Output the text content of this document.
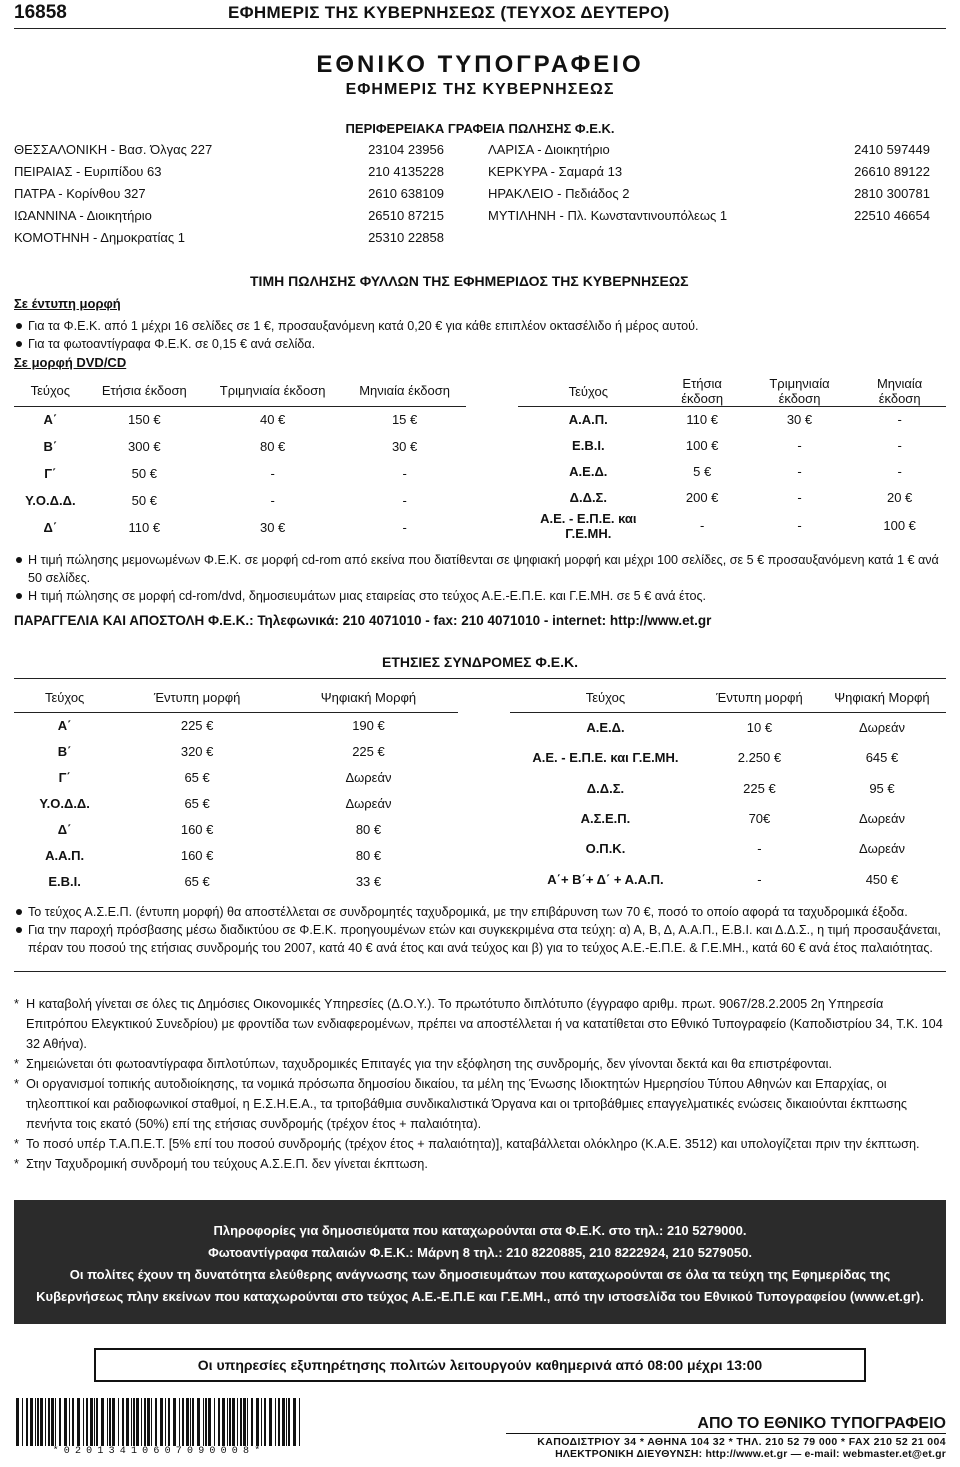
16858	ΕΦΗΜΕΡΙΣ ΤΗΣ ΚΥΒΕΡΝΗΣΕΩΣ (ΤΕΥΧΟΣ ΔΕΥΤΕΡΟ)
ΕΘΝΙΚΟ ΤΥΠΟΓΡΑΦΕΙΟ
ΕΦΗΜΕΡΙΣ ΤΗΣ ΚΥΒΕΡΝΗΣΕΩΣ
ΠΕΡΙΦΕΡΕΙΑΚΑ ΓΡΑΦΕΙΑ ΠΩΛΗΣΗΣ Φ.Ε.Κ.
ΘΕΣΣΑΛΟΝΙΚΗ - Βασ. Όλγας 227	23104 23956
ΠΕΙΡΑΙΑΣ - Ευριπίδου 63	210 4135228
ΠΑΤΡΑ - Κορίνθου 327	2610 638109
ΙΩΑΝΝΙΝΑ - Διοικητήριο	26510 87215
ΚΟΜΟΤΗΝΗ - Δημοκρατίας 1	25310 22858
ΛΑΡΙΣΑ - Διοικητήριο	2410 597449
ΚΕΡΚΥΡΑ - Σαμαρά 13	26610 89122
ΗΡΑΚΛΕΙΟ - Πεδιάδος 2	2810 300781
ΜΥΤΙΛΗΝΗ - Πλ. Κωνσταντινουπόλεως 1	22510 46654
ΤΙΜΗ ΠΩΛΗΣΗΣ ΦΥΛΛΩΝ ΤΗΣ ΕΦΗΜΕΡΙΔΟΣ ΤΗΣ ΚΥΒΕΡΝΗΣΕΩΣ
Σε έντυπη μορφή
Για τα Φ.Ε.Κ. από 1 μέχρι 16 σελίδες σε 1 €, προσαυξανόμενη κατά 0,20 € για κάθε επιπλέον οκτασέλιδο ή μέρος αυτού.
Για τα φωτοαντίγραφα Φ.Ε.Κ. σε 0,15 € ανά σελίδα.
Σε μορφή DVD/CD
Τεύχος	Ετήσια έκδοση	Τριμηνιαία έκδοση	Μηνιαία έκδοση
Α΄	150 €	40 €	15 €
Β΄	300 €	80 €	30 €
Γ΄	50 €	-	-
Υ.Ο.Δ.Δ.	50 €	-	-
Δ΄	110 €	30 €	-
Τεύχος	Ετήσια έκδοση	Τριμηνιαία έκδοση	Μηνιαία έκδοση
Α.Α.Π.	110 €	30 €	-
Ε.Β.Ι.	100 €	-	-
Α.Ε.Δ.	5 €	-	-
Δ.Δ.Σ.	200 €	-	20 €
Α.Ε. - Ε.Π.Ε. και Γ.Ε.ΜΗ.	-	-	100 €
Η τιμή πώλησης μεμονωμένων Φ.Ε.Κ. σε μορφή cd-rom από εκείνα που διατίθενται σε ψηφιακή μορφή και μέχρι 100 σελίδες, σε 5 € προσαυξανόμενη κατά 1 € ανά 50 σελίδες.
Η τιμή πώλησης σε μορφή cd-rom/dvd, δημοσιευμάτων μιας εταιρείας στο τεύχος Α.Ε.-Ε.Π.Ε. και Γ.Ε.ΜΗ. σε 5 € ανά έτος.
ΠΑΡΑΓΓΕΛΙΑ ΚΑΙ ΑΠΟΣΤΟΛΗ Φ.Ε.Κ.: Τηλεφωνικά: 210 4071010 - fax: 210 4071010 - internet: http://www.et.gr
ΕΤΗΣΙΕΣ ΣΥΝΔΡΟΜΕΣ Φ.Ε.Κ.
Τεύχος	Έντυπη μορφή	Ψηφιακή Μορφή
Α΄	225 €	190 €
Β΄	320 €	225 €
Γ΄	65 €	Δωρεάν
Υ.Ο.Δ.Δ.	65 €	Δωρεάν
Δ΄	160 €	80 €
Α.Α.Π.	160 €	80 €
Ε.Β.Ι.	65 €	33 €
Τεύχος	Έντυπη μορφή	Ψηφιακή Μορφή
Α.Ε.Δ.	10 €	Δωρεάν
Α.Ε. - Ε.Π.Ε. και Γ.Ε.ΜΗ.	2.250 €	645 €
Δ.Δ.Σ.	225 €	95 €
Α.Σ.Ε.Π.	70€	Δωρεάν
Ο.Π.Κ.	-	Δωρεάν
Α΄+ Β΄+ Δ΄ + Α.Α.Π.	-	450 €
Το τεύχος Α.Σ.Ε.Π. (έντυπη μορφή) θα αποστέλλεται σε συνδρομητές ταχυδρομικά, με την επιβάρυνση των 70 €, ποσό το οποίο αφορά τα ταχυδρομικά έξοδα.
Για την παροχή πρόσβασης μέσω διαδικτύου σε Φ.Ε.Κ. προηγουμένων ετών και συγκεκριμένα στα τεύχη: α) Α, Β, Δ, Α.Α.Π., Ε.Β.Ι. και Δ.Δ.Σ., η τιμή προσαυξάνεται, πέραν του ποσού της ετήσιας συνδρομής του 2007, κατά 40 € ανά έτος και ανά τεύχος και β) για το τεύχος Α.Ε.-Ε.Π.Ε. & Γ.Ε.ΜΗ., κατά 60 € ανά έτος παλαιότητας.
* Η καταβολή γίνεται σε όλες τις Δημόσιες Οικονομικές Υπηρεσίες (Δ.Ο.Υ.). Το πρωτότυπο διπλότυπο (έγγραφο αριθμ. πρωτ. 9067/28.2.2005 2η Υπηρεσία Επιτρόπου Ελεγκτικού Συνεδρίου) με φροντίδα των ενδιαφερομένων, πρέπει να αποστέλλεται ή να κατατίθεται στο Εθνικό Τυπογραφείο (Καποδιστρίου 34, Τ.Κ. 104 32 Αθήνα).
* Σημειώνεται ότι φωτοαντίγραφα διπλοτύπων, ταχυδρομικές Επιταγές για την εξόφληση της συνδρομής, δεν γίνονται δεκτά και θα επιστρέφονται.
* Οι οργανισμοί τοπικής αυτοδιοίκησης, τα νομικά πρόσωπα δημοσίου δικαίου, τα μέλη της Ένωσης Ιδιοκτητών Ημερησίου Τύπου Αθηνών και Επαρχίας, οι τηλεοπτικοί και ραδιοφωνικοί σταθμοί, η Ε.Σ.Η.Ε.Α., τα τριτοβάθμια συνδικαλιστικά Όργανα και οι τριτοβάθμιες επαγγελματικές ενώσεις δικαιούνται έκπτωσης πενήντα τοις εκατό (50%) επί της ετήσιας συνδρομής (τρέχον έτος + παλαιότητα).
* Το ποσό υπέρ Τ.Α.Π.Ε.Τ. [5% επί του ποσού συνδρομής (τρέχον έτος + παλαιότητα)], καταβάλλεται ολόκληρο (Κ.Α.Ε. 3512) και υπολογίζεται πριν την έκπτωση.
* Στην Ταχυδρομική συνδρομή του τεύχους Α.Σ.Ε.Π. δεν γίνεται έκπτωση.
Πληροφορίες για δημοσιεύματα που καταχωρούνται στα Φ.Ε.Κ. στο τηλ.: 210 5279000.
Φωτοαντίγραφα παλαιών Φ.Ε.Κ.: Μάρνη 8 τηλ.: 210 8220885, 210 8222924, 210 5279050.
Οι πολίτες έχουν τη δυνατότητα ελεύθερης ανάγνωσης των δημοσιευμάτων που καταχωρούνται σε όλα τα τεύχη της Εφημερίδας της
Κυβερνήσεως πλην εκείνων που καταχωρούνται στο τεύχος Α.Ε.-Ε.Π.Ε και Γ.Ε.ΜΗ., από την ιστοσελίδα του Εθνικού Τυπογραφείου (www.et.gr).
Οι υπηρεσίες εξυπηρέτησης πολιτών λειτουργούν καθημερινά από 08:00 μέχρι 13:00
*02013410607090008*
ΑΠΟ ΤΟ ΕΘΝΙΚΟ ΤΥΠΟΓΡΑΦΕΙΟ
ΚΑΠΟΔΙΣΤΡΙΟΥ 34 * ΑΘΗΝΑ 104 32 * ΤΗΛ. 210 52 79 000 * FAX 210 52 21 004
ΗΛΕΚΤΡΟΝΙΚΗ ΔΙΕΥΘΥΝΣΗ: http://www.et.gr — e-mail: webmaster.et@et.gr
